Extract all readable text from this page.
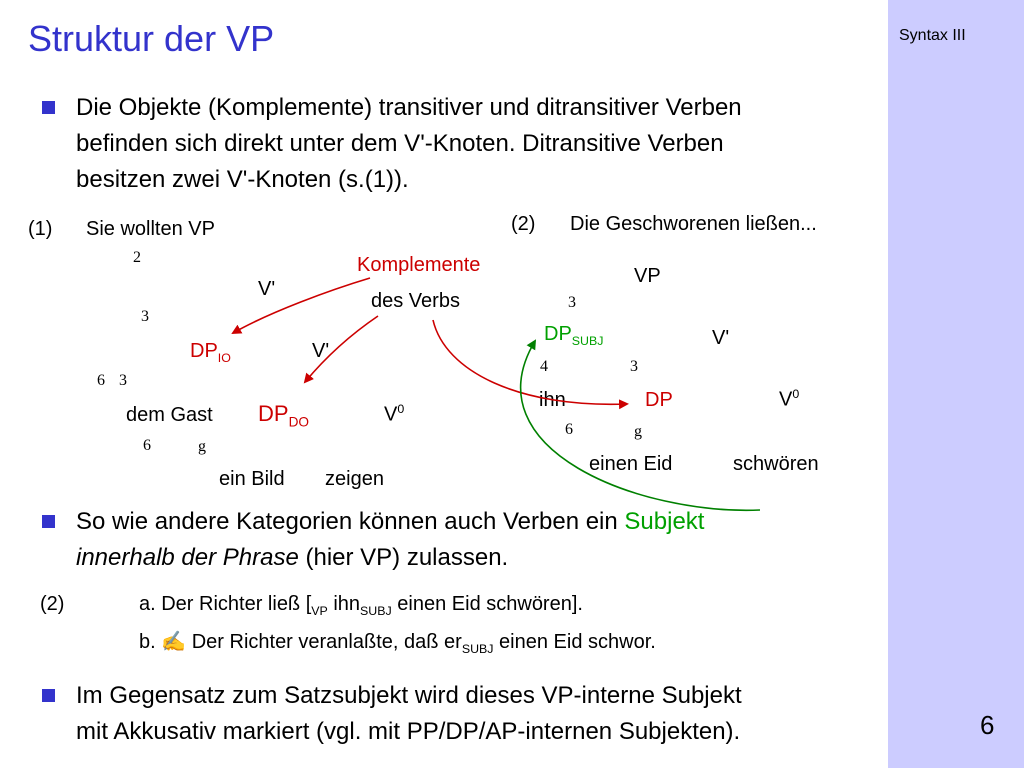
Syntax III
6
Struktur der VP
Die Objekte (Komplemente) transitiver und ditransitiver Verben
befinden sich direkt unter dem V'-Knoten. Ditransitive Verben
besitzen zwei V'-Knoten (s.(1)).
(1) Sie wollten VP
2
V'
3
$DP_{IO}$	V'
6 3
dem Gast $DP_{DO}$	$V^0$
6	g
ein Bild zeigen
Komplemente
des Verbs
(2) Die Geschworenen ließen...
VP
3
$DP_{SUBJ}$	V'
4	3
ihn	DP	$V^0$
6	g
einen Eid	schwören
So wie andere Kategorien können auch Verben ein Subjekt
innerhalb der Phrase (hier VP) zulassen.
(2)	a. Der Richter ließ [$_{VP}$ ihn$_{SUBJ}$ einen Eid schwören].
b. ✍ Der Richter veranlaßte, daß $er_{SUBJ}$ einen Eid schwor.
Im Gegensatz zum Satzsubjekt wird dieses VP-interne Subjekt
mit Akkusativ markiert (vgl. mit PP/DP/AP-internen Subjekten).
